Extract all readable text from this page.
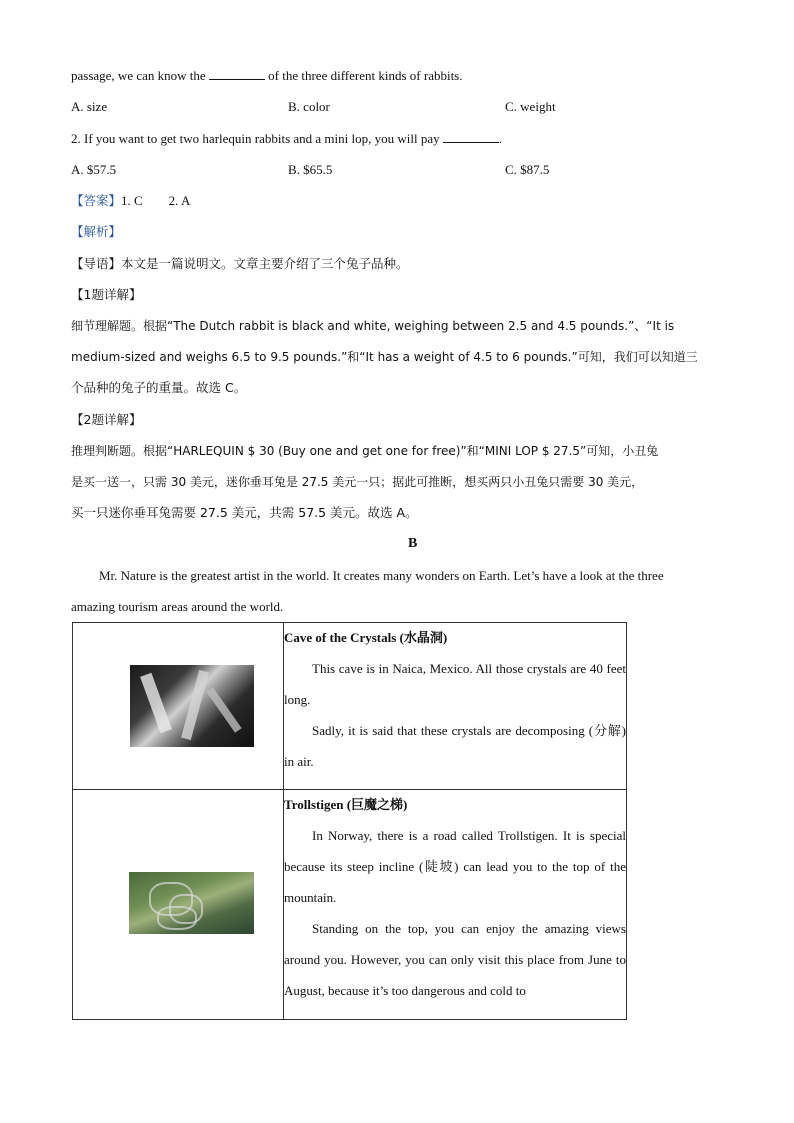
passage, we can know the	of the three different kinds of rabbits.
A. size	B. color	C. weight
2. If you want to get two harlequin rabbits and a mini lop, you will pay	.
A. $57.5	B. $65.5	C. $87.5
【答案】1. C        2. A
【解析】
【导语】本文是一篇说明文。文章主要介绍了三个兔子品种。
【1题详解】
细节理解题。根据“The Dutch rabbit is black and white, weighing between 2.5 and 4.5 pounds.”、“It is
medium-sized and weighs 6.5 to 9.5 pounds.”和“It has a weight of 4.5 to 6 pounds.”可知，我们可以知道三
个品种的兔子的重量。故选 C。
【2题详解】
推理判断题。根据“HARLEQUIN $ 30 (Buy one and get one for free)”和“MINI LOP $ 27.5”可知，小丑兔
是买一送一，只需 30 美元，迷你垂耳兔是 27.5 美元一只；据此可推断，想买两只小丑兔只需要 30 美元，
买一只迷你垂耳兔需要 27.5 美元，共需 57.5 美元。故选 A。
B
Mr. Nature is the greatest artist in the world. It creates many wonders on Earth. Let’s have a look at the three
amazing tourism areas around the world.

	Cave of the Crystals (水晶洞)

This cave is in Naica, Mexico. All those crystals are 40 feet long.

Sadly, it is said that these crystals are decomposing (分解) in air.

	Trollstigen (巨魔之梯)

In Norway, there is a road called Trollstigen. It is special because its steep incline (陡坡) can lead you to the top of the mountain.

Standing on the top, you can enjoy the amazing views around you. However, you can only visit this place from June to August, because it’s too dangerous and cold to
